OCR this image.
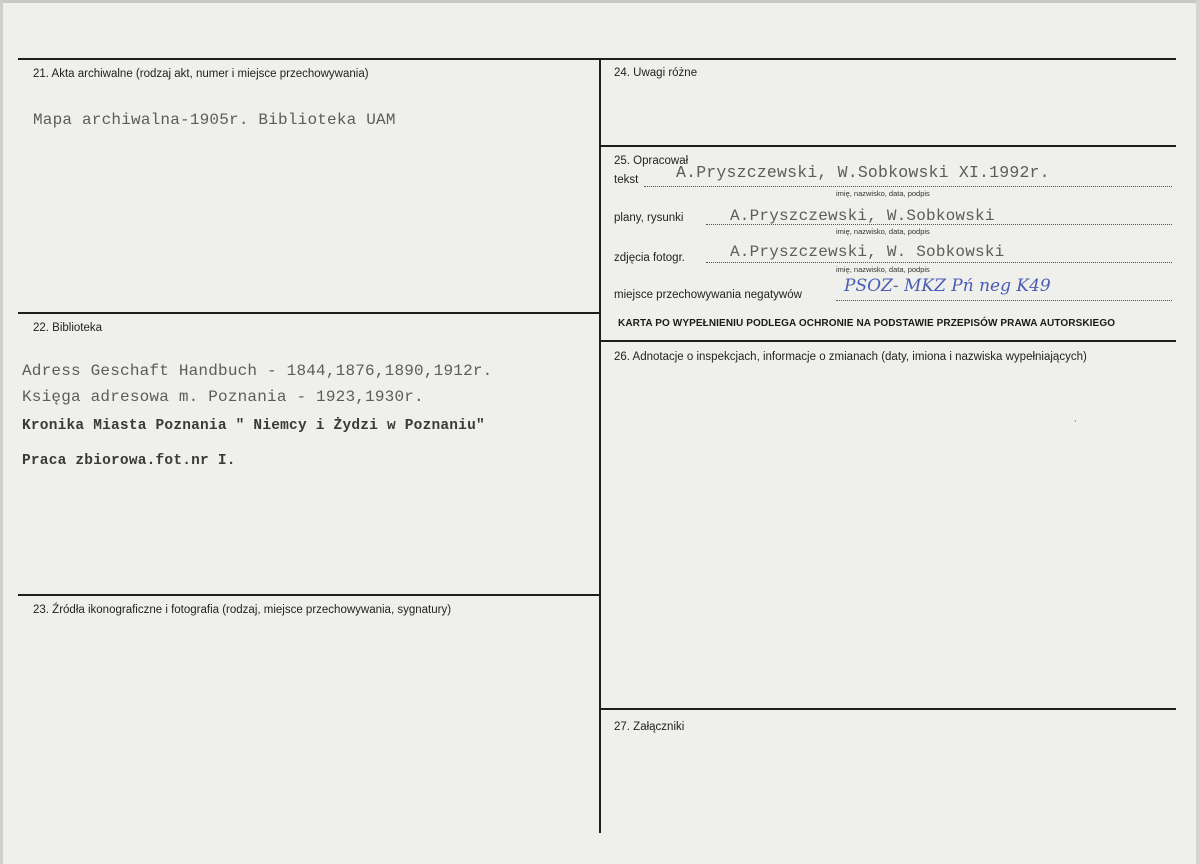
21. Akta archiwalne (rodzaj akt, numer i miejsce przechowywania)
Mapa archiwalna-1905r. Biblioteka UAM
22. Biblioteka
Adress Geschaft Handbuch - 1844,1876,1890,1912r.
Księga adresowa m. Poznania - 1923,1930r.
Kronika Miasta Poznania " Niemcy i Żydzi w Poznaniu"
Praca zbiorowa.fot.nr I.
23. Źródła ikonograficzne i fotografia (rodzaj, miejsce przechowywania, sygnatury)
24. Uwagi różne
25. Opracował
tekst A.Pryszczewski, W.Sobkowski XI.1992r.
imię, nazwisko, data, podpis
plany, rysunki	A.Pryszczewski, W.Sobkowski
imię, nazwisko, data, podpis
zdjęcia fotogr.	A.Pryszczewski, W. Sobkowski
imię, nazwisko, data, podpis
miejsce przechowywania negatywów PSOZ- MKZ Pń neg K49
KARTA PO WYPEŁNIENIU PODLEGA OCHRONIE NA PODSTAWIE PRZEPISÓW PRAWA AUTORSKIEGO
26. Adnotacje o inspekcjach, informacje o zmianach (daty, imiona i nazwiska wypełniających)
˙
27. Załączniki
